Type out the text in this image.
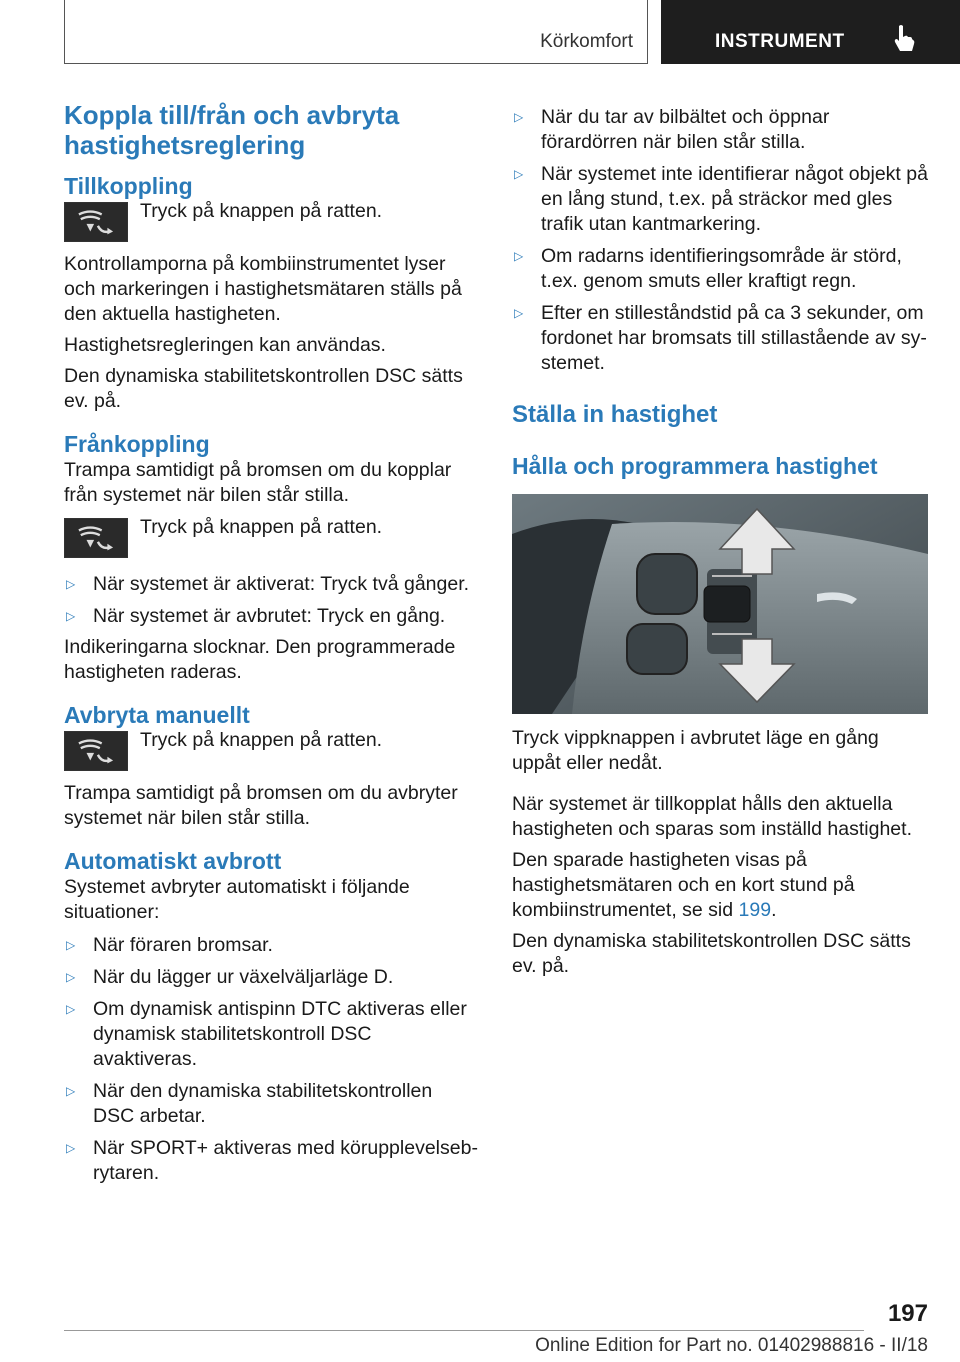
Körkomfort	INSTRUMENT
Koppla till/från och avbryta hastighetsreglering
Tillkoppling

Tryck på knappen på ratten.

Kontrollamporna på kombiinstrumentet lyser och markeringen i hastighetsmätaren ställs på den aktuella hastigheten.

Hastighetsregleringen kan användas.

Den dynamiska stabilitetskontrollen DSC sätts ev. på.

Frånkoppling

Trampa samtidigt på bromsen om du kopplar från systemet när bilen står stilla.

Tryck på knappen på ratten.

▷ När systemet är aktiverat: Tryck två gånger.
▷ När systemet är avbrutet: Tryck en gång.

Indikeringarna slocknar. Den programmerade hastigheten raderas.

Avbryta manuellt

Tryck på knappen på ratten.

Trampa samtidigt på bromsen om du avbryter systemet när bilen står stilla.

Automatiskt avbrott

Systemet avbryter automatiskt i följande situationer:

▷ När föraren bromsar.
▷ När du lägger ur växelväljarläge D.
▷ Om dynamisk antispinn DTC aktiveras eller dynamisk stabilitetskontroll DSC avaktiveras.
▷ När den dynamiska stabilitetskontrollen DSC arbetar.
▷ När SPORT+ aktiveras med körupplevelsebrytaren.
▷ När du tar av bilbältet och öppnar förardörren när bilen står stilla.
▷ När systemet inte identifierar något objekt på en lång stund, t.ex. på sträckor med gles trafik utan kantmarkering.
▷ Om radarns identifieringsområde är störd, t.ex. genom smuts eller kraftigt regn.
▷ Efter en stilleståndstid på ca 3 sekunder, om fordonet har bromsats till stillastående av systemet.
Ställa in hastighet
Hålla och programmera hastighet

Tryck vippknappen i avbrutet läge en gång uppåt eller nedåt.

När systemet är tillkopplat hålls den aktuella hastigheten och sparas som inställd hastighet.

Den sparade hastigheten visas på hastighetsmätaren och en kort stund på kombiinstrumentet, se sid 199.

Den dynamiska stabilitetskontrollen DSC sätts ev. på.

197
Online Edition for Part no. 01402988816 - II/18
